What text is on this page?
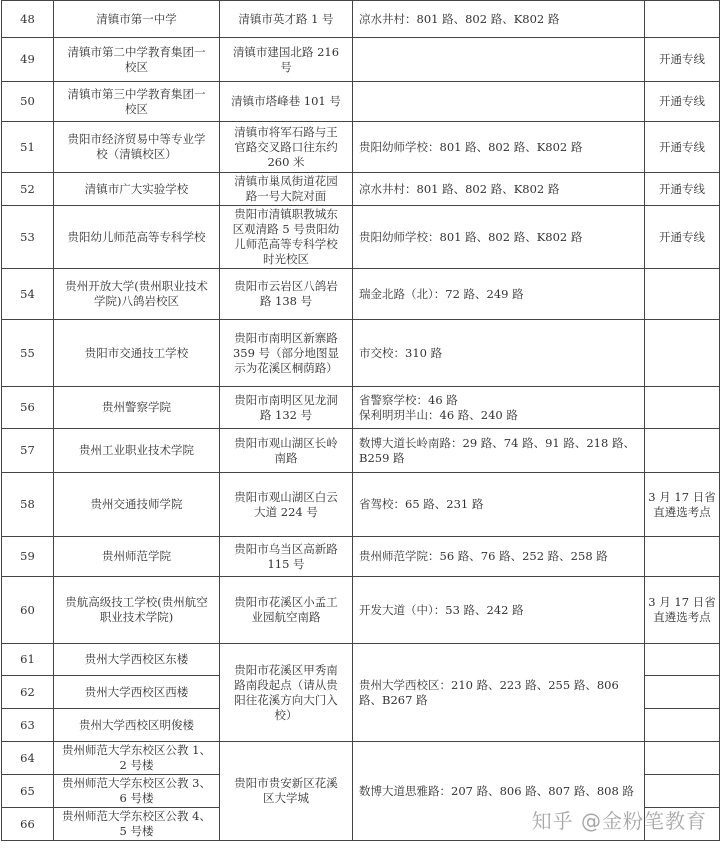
48	清镇市第一中学	清镇市英才路 1 号	凉水井村：801 路、802 路、K802 路	

49	清镇市第二中学教育集团一校区	清镇市建国北路 216 号		开通专线
50	清镇市第三中学教育集团一校区	清镇市塔峰巷 101 号		开通专线
51	贵阳市经济贸易中等专业学校（清镇校区）	清镇市将军石路与王官路交叉路口往东约 260 米	贵阳幼师学校：801 路、802 路、K802 路	开通专线
52	清镇市广大实验学校	清镇市巢凤街道花园路一号大院对面	凉水井村：801 路、802 路、K802 路	开通专线
53	贵阳幼儿师范高等专科学校	贵阳市清镇职教城东区观清路 5 号贵阳幼儿师范高等专科学校时光校区	贵阳幼师学校：801 路、802 路、K802 路	开通专线
54	贵州开放大学(贵州职业技术学院)八鸽岩校区	贵阳市云岩区八鸽岩路 138 号	瑞金北路（北）：72 路、249 路	

55	贵阳市交通技工学校	贵阳市南明区新寨路 359 号（部分地图显示为花溪区桐荫路）	市交校：310 路	

56	贵州警察学院	贵阳市南明区见龙洞路 132 号	省警察学校：46 路
保利明玥半山：46 路、240 路	

57	贵州工业职业技术学院	贵阳市观山湖区长岭南路	数博大道长岭南路：29 路、74 路、91 路、218 路、B259 路	

58	贵州交通技师学院	贵阳市观山湖区白云大道 224 号	省驾校：65 路、231 路	3 月 17 日省直遴选考点
59	贵州师范学院	贵阳市乌当区高新路 115 号	贵州师范学院：56 路、76 路、252 路、258 路	

60	贵航高级技工学校(贵州航空职业技术学院)	贵阳市花溪区小孟工业园航空南路	开发大道（中）：53 路、242 路	3 月 17 日省直遴选考点
61	贵州大学西校区东楼	贵阳市花溪区甲秀南路南段起点（请从贵阳往花溪方向大门入校）	贵州大学西校区：210 路、223 路、255 路、806 路、B267 路	
62	贵州大学西校区西楼			
63	贵州大学西校区明俊楼			
64	贵州师范大学东校区公教 1、2 号楼	贵阳市贵安新区花溪区大学城	数博大道思雅路：207 路、806 路、807 路、808 路	
65	贵州师范大学东校区公教 3、6 号楼			
66	贵州师范大学东校区公教 4、5 号楼				知乎 @金粉笔教育
